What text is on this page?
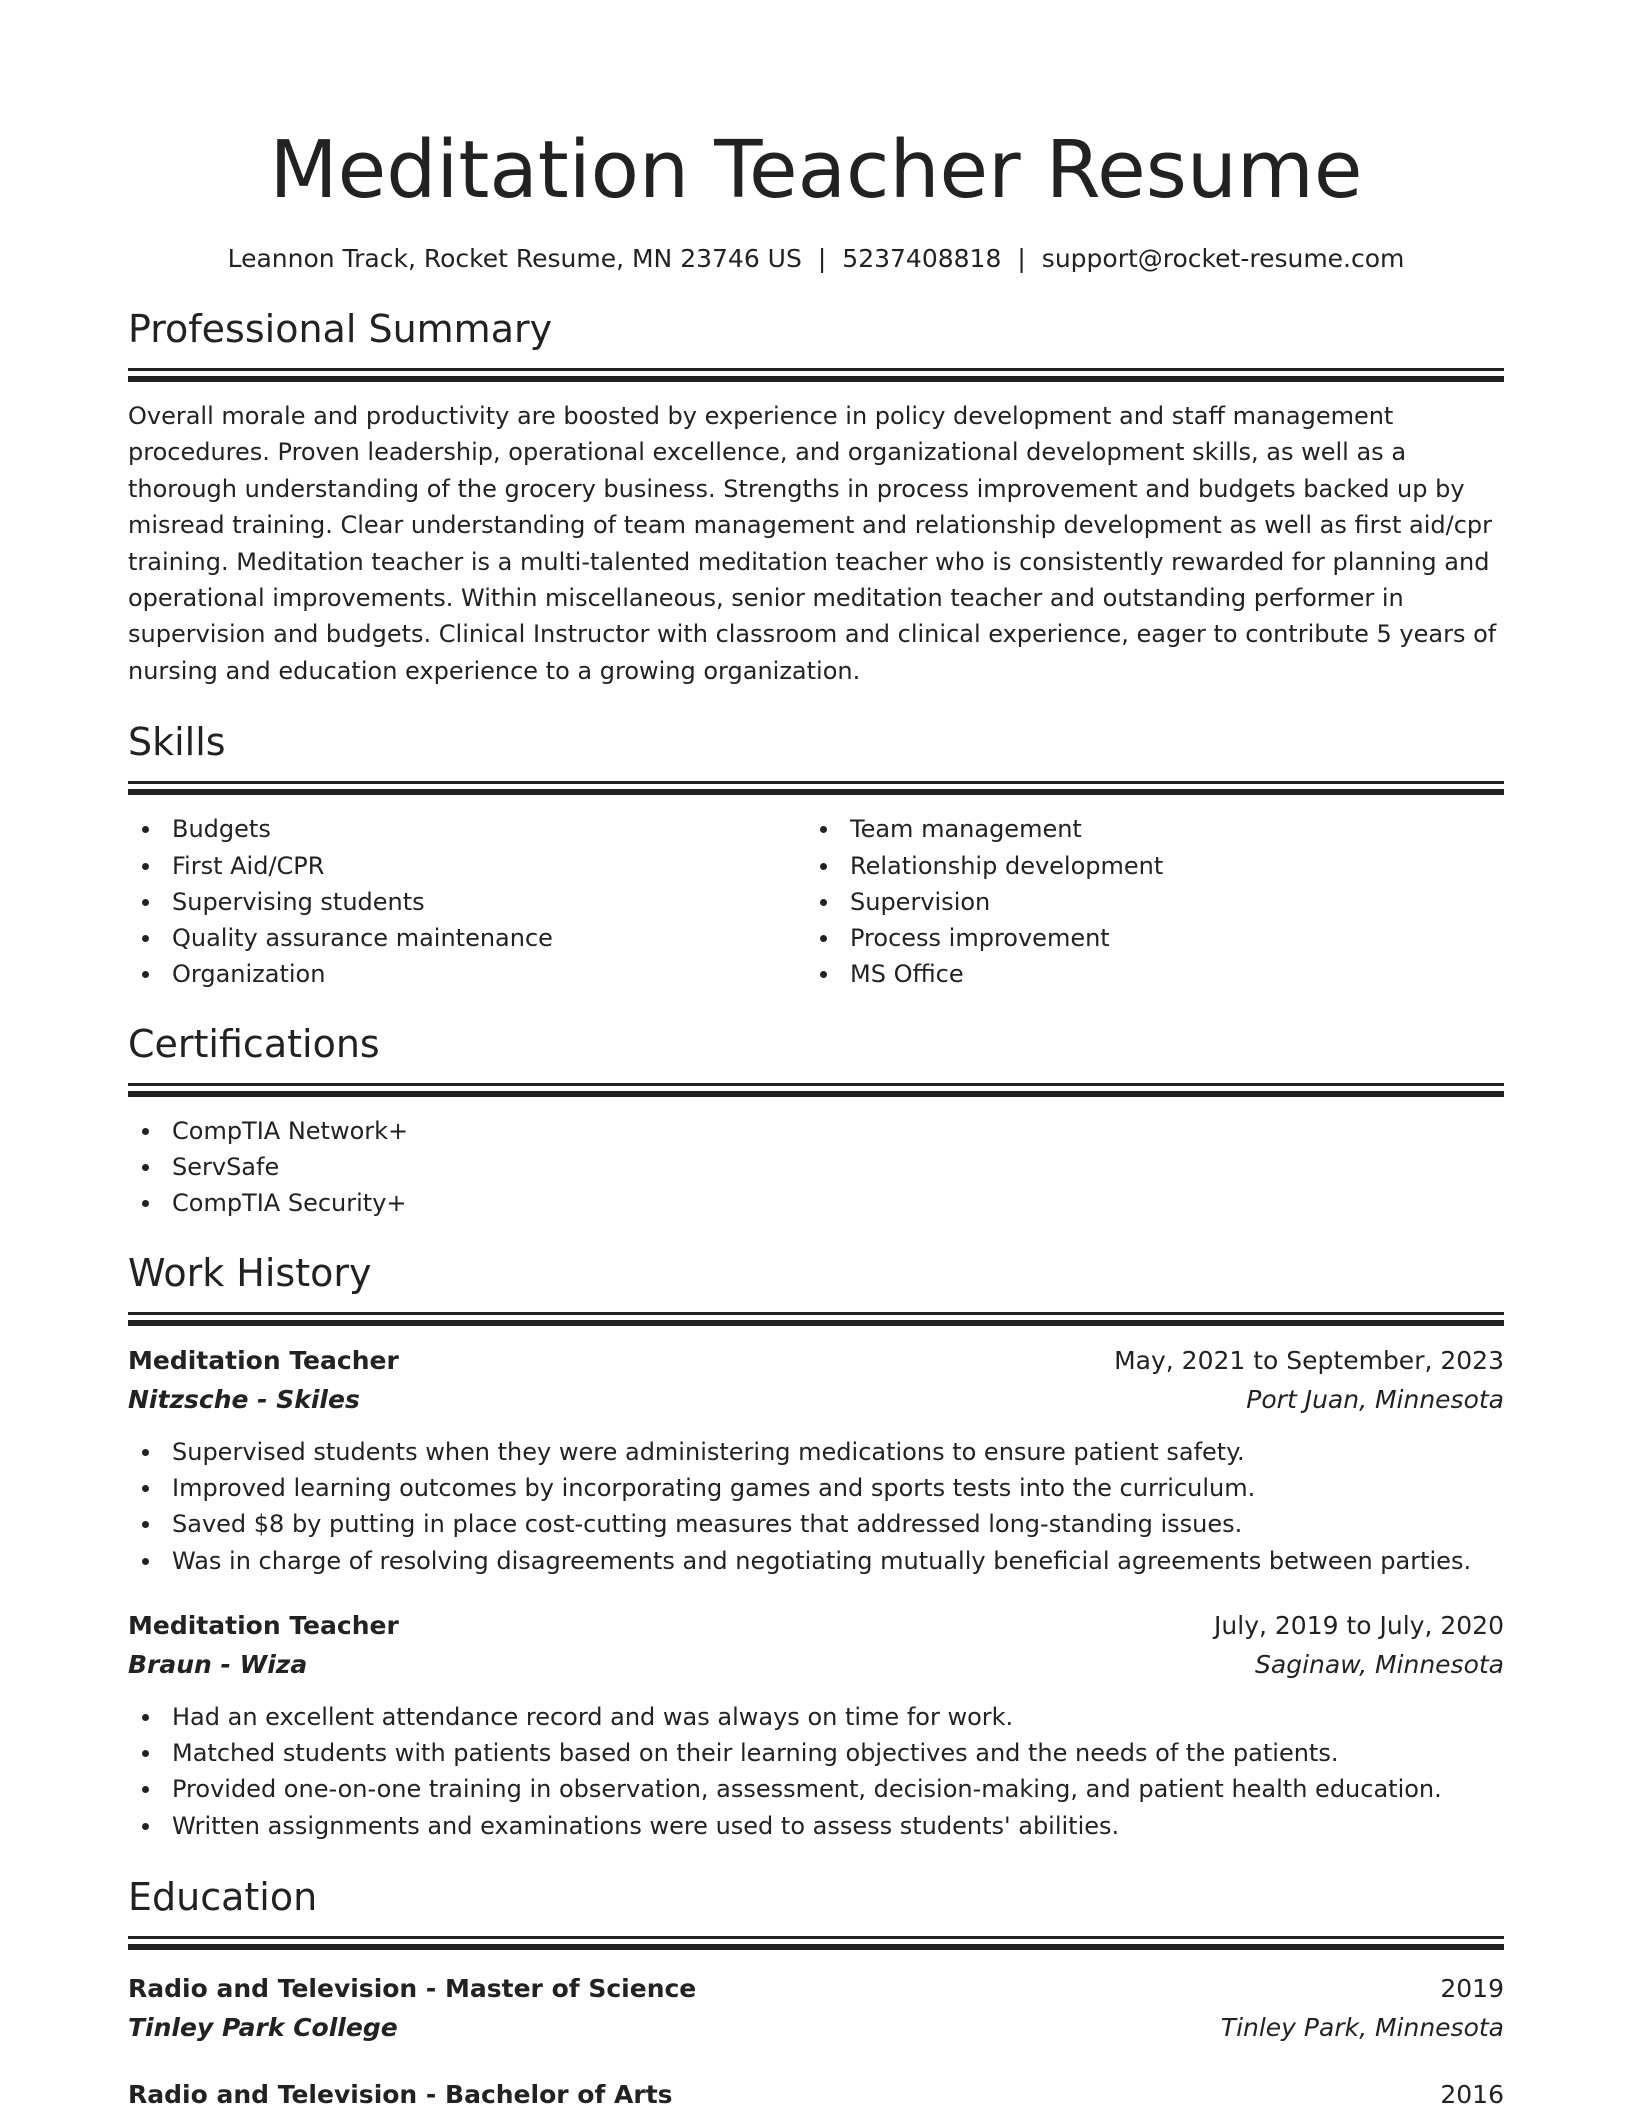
Meditation Teacher Resume
Leannon Track, Rocket Resume, MN 23746 US | 5237408818 | support@rocket-resume.com
Professional Summary
Overall morale and productivity are boosted by experience in policy development and staff management procedures. Proven leadership, operational excellence, and organizational development skills, as well as a thorough understanding of the grocery business. Strengths in process improvement and budgets backed up by misread training. Clear understanding of team management and relationship development as well as first aid/cpr training. Meditation teacher is a multi-talented meditation teacher who is consistently rewarded for planning and operational improvements. Within miscellaneous, senior meditation teacher and outstanding performer in supervision and budgets. Clinical Instructor with classroom and clinical experience, eager to contribute 5 years of nursing and education experience to a growing organization.
Skills
Budgets
First Aid/CPR
Supervising students
Quality assurance maintenance
Organization
Team management
Relationship development
Supervision
Process improvement
MS Office
Certifications
CompTIA Network+
ServSafe
CompTIA Security+
Work History
Meditation Teacher	May, 2021 to September, 2023
Nitzsche - Skiles	Port Juan, Minnesota
Supervised students when they were administering medications to ensure patient safety.
Improved learning outcomes by incorporating games and sports tests into the curriculum.
Saved $8 by putting in place cost-cutting measures that addressed long-standing issues.
Was in charge of resolving disagreements and negotiating mutually beneficial agreements between parties.
Meditation Teacher	July, 2019 to July, 2020
Braun - Wiza	Saginaw, Minnesota
Had an excellent attendance record and was always on time for work.
Matched students with patients based on their learning objectives and the needs of the patients.
Provided one-on-one training in observation, assessment, decision-making, and patient health education.
Written assignments and examinations were used to assess students' abilities.
Education
Radio and Television - Master of Science	2019
Tinley Park College	Tinley Park, Minnesota
Radio and Television - Bachelor of Arts	2016
